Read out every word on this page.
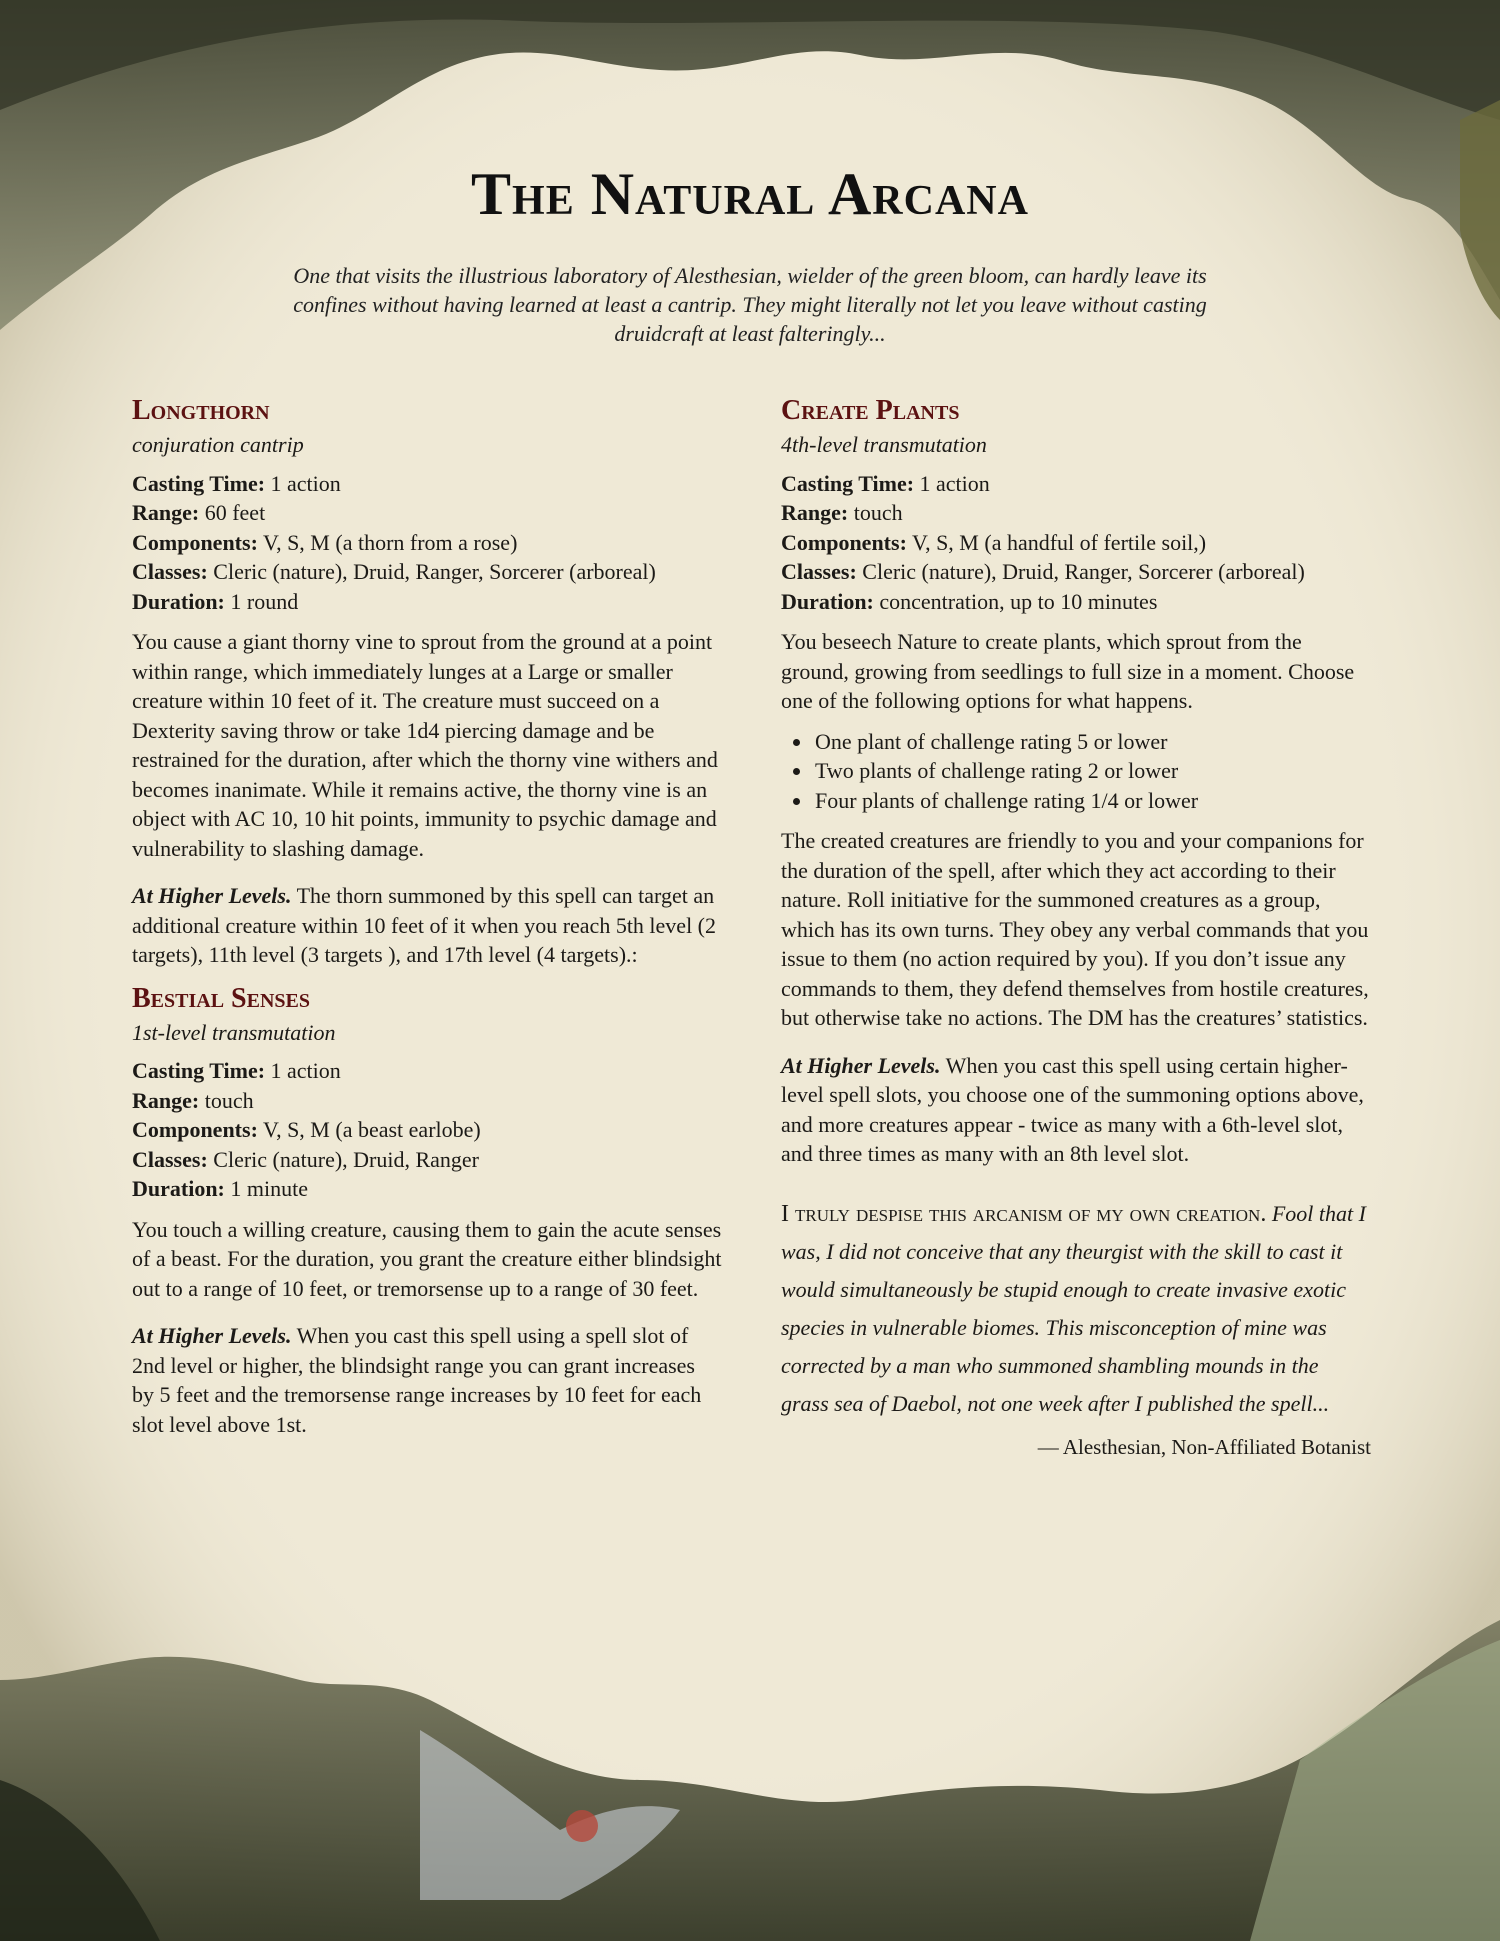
The Natural Arcana
One that visits the illustrious laboratory of Alesthesian, wielder of the green bloom, can hardly leave its confines without having learned at least a cantrip. They might literally not let you leave without casting druidcraft at least falteringly...
Longthorn
conjuration cantrip

Casting Time: 1 action

Range: 60 feet

Components: V, S, M (a thorn from a rose)

Classes: Cleric (nature), Druid, Ranger, Sorcerer (arboreal)

Duration: 1 round

You cause a giant thorny vine to sprout from the ground at a point within range, which immediately lunges at a Large or smaller creature within 10 feet of it. The creature must succeed on a Dexterity saving throw or take 1d4 piercing damage and be restrained for the duration, after which the thorny vine withers and becomes inanimate. While it remains active, the thorny vine is an object with AC 10, 10 hit points, immunity to psychic damage and vulnerability to slashing damage.

At Higher Levels. The thorn summoned by this spell can target an additional creature within 10 feet of it when you reach 5th level (2 targets), 11th level (3 targets ), and 17th level (4 targets).:

Bestial Senses
1st-level transmutation

Casting Time: 1 action

Range: touch

Components: V, S, M (a beast earlobe)

Classes: Cleric (nature), Druid, Ranger

Duration: 1 minute

You touch a willing creature, causing them to gain the acute senses of a beast. For the duration, you grant the creature either blindsight out to a range of 10 feet, or tremorsense up to a range of 30 feet.

At Higher Levels. When you cast this spell using a spell slot of 2nd level or higher, the blindsight range you can grant increases by 5 feet and the tremorsense range increases by 10 feet for each slot level above 1st.

Create Plants
4th-level transmutation

Casting Time: 1 action

Range: touch

Components: V, S, M (a handful of fertile soil,)

Classes: Cleric (nature), Druid, Ranger, Sorcerer (arboreal)

Duration: concentration, up to 10 minutes

You beseech Nature to create plants, which sprout from the ground, growing from seedlings to full size in a moment. Choose one of the following options for what happens.

• One plant of challenge rating 5 or lower
• Two plants of challenge rating 2 or lower
• Four plants of challenge rating 1/4 or lower

The created creatures are friendly to you and your companions for the duration of the spell, after which they act according to their nature. Roll initiative for the summoned creatures as a group, which has its own turns. They obey any verbal commands that you issue to them (no action required by you). If you don’t issue any commands to them, they defend themselves from hostile creatures, but otherwise take no actions. The DM has the creatures’ statistics.

At Higher Levels. When you cast this spell using certain higher-level spell slots, you choose one of the summoning options above, and more creatures appear - twice as many with a 6th-level slot, and three times as many with an 8th level slot.

I truly despise this arcanism of my own creation. Fool that I was, I did not conceive that any theurgist with the skill to cast it would simultaneously be stupid enough to create invasive exotic species in vulnerable biomes. This misconception of mine was corrected by a man who summoned shambling mounds in the grass sea of Daebol, not one week after I published the spell...
— Alesthesian, Non-Affiliated Botanist
